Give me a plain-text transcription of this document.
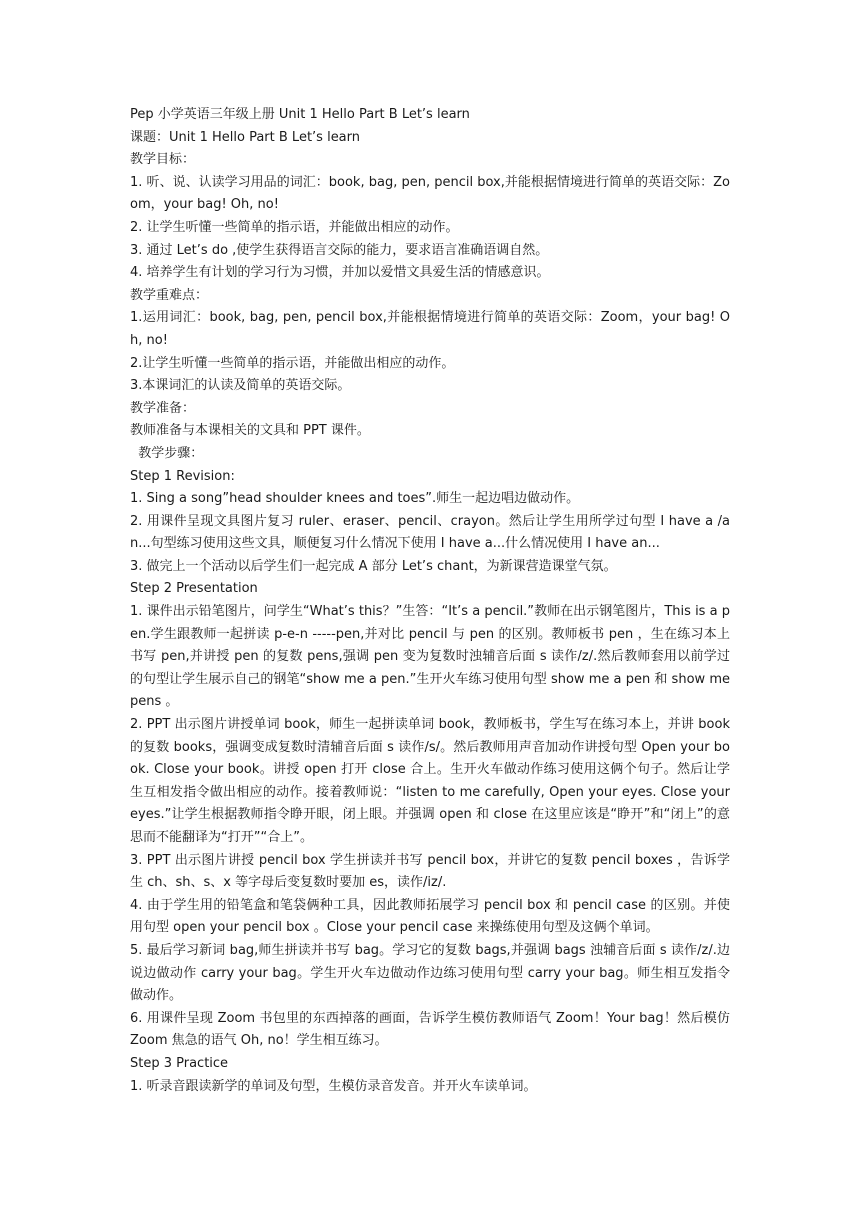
Pep 小学英语三年级上册 Unit 1 Hello Part B Let’s learn

课题：Unit 1 Hello Part B Let’s learn

教学目标：

1. 听、说、认读学习用品的词汇：book, bag, pen, pencil box,并能根据情境进行简单的英语交际：Zoom，your bag! Oh, no!

2. 让学生听懂一些简单的指示语，并能做出相应的动作。

3. 通过 Let’s do ,使学生获得语言交际的能力，要求语言准确语调自然。

4. 培养学生有计划的学习行为习惯，并加以爱惜文具爱生活的情感意识。

教学重难点：

1.运用词汇：book, bag, pen, pencil box,并能根据情境进行简单的英语交际：Zoom，your bag! Oh, no!

2.让学生听懂一些简单的指示语，并能做出相应的动作。

3.本课词汇的认读及简单的英语交际。

教学准备：

教师准备与本课相关的文具和 PPT 课件。

教学步骤：

Step 1 Revision:

1. Sing a song”head shoulder knees and toes”.师生一起边唱边做动作。

2. 用课件呈现文具图片复习 ruler、eraser、pencil、crayon。然后让学生用所学过句型 I have a /an...句型练习使用这些文具，顺便复习什么情况下使用 I have a...什么情况使用 I have an...

3. 做完上一个活动以后学生们一起完成 A 部分 Let’s chant，为新课营造课堂气氛。

Step 2 Presentation

1. 课件出示铅笔图片，问学生“What’s this？”生答：“It’s a pencil.”教师在出示钢笔图片，This is a pen.学生跟教师一起拼读 p-e-n -----pen,并对比 pencil 与 pen 的区别。教师板书 pen ，生在练习本上书写 pen,并讲授 pen 的复数 pens,强调 pen 变为复数时浊辅音后面 s 读作/z/.然后教师套用以前学过的句型让学生展示自己的钢笔“show me a pen.”生开火车练习使用句型 show me a pen 和 show me pens 。

2. PPT 出示图片讲授单词 book，师生一起拼读单词 book，教师板书，学生写在练习本上，并讲 book 的复数 books，强调变成复数时清辅音后面 s 读作/s/。然后教师用声音加动作讲授句型 Open your book. Close your book。讲授 open 打开 close 合上。生开火车做动作练习使用这俩个句子。然后让学生互相发指令做出相应的动作。接着教师说：“listen to me carefully, Open your eyes. Close your eyes.”让学生根据教师指令睁开眼，闭上眼。并强调 open 和 close 在这里应该是“睁开”和“闭上”的意思而不能翻译为“打开”“合上”。

3. PPT 出示图片讲授 pencil box 学生拼读并书写 pencil box，并讲它的复数 pencil boxes ，告诉学生 ch、sh、s、x 等字母后变复数时要加 es，读作/iz/.

4. 由于学生用的铅笔盒和笔袋俩种工具，因此教师拓展学习 pencil box 和 pencil case 的区别。并使用句型 open your pencil box 。Close your pencil case 来操练使用句型及这俩个单词。

5. 最后学习新词 bag,师生拼读并书写 bag。学习它的复数 bags,并强调 bags 浊辅音后面 s 读作/z/.边说边做动作 carry your bag。学生开火车边做动作边练习使用句型 carry your bag。师生相互发指令做动作。

6. 用课件呈现 Zoom 书包里的东西掉落的画面，告诉学生模仿教师语气 Zoom！Your bag！然后模仿 Zoom 焦急的语气 Oh, no！学生相互练习。

Step 3 Practice

1. 听录音跟读新学的单词及句型，生模仿录音发音。并开火车读单词。
